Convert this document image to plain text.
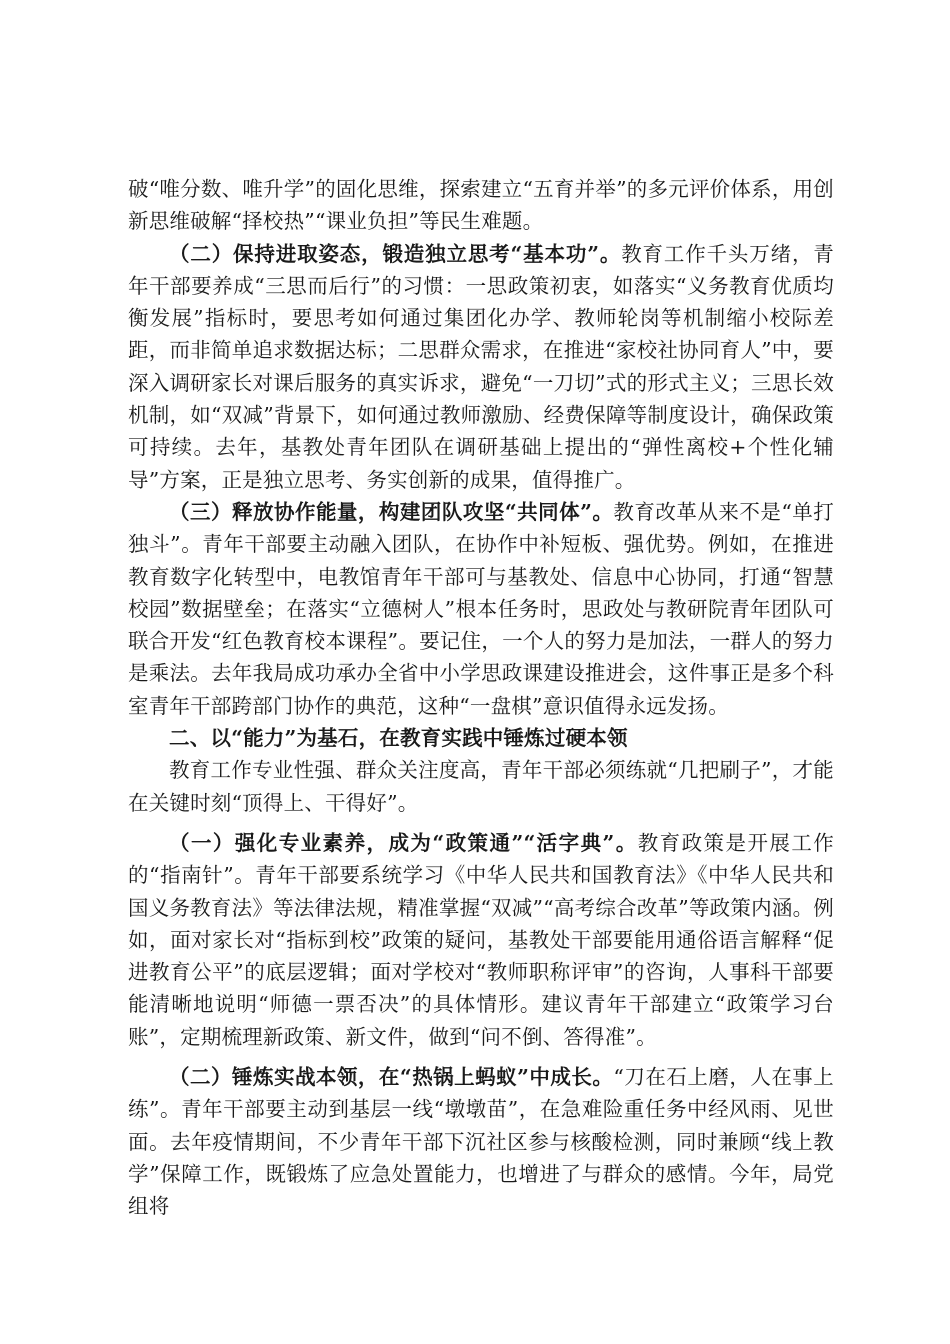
破“唯分数、唯升学”的固化思维，探索建立“五育并举”的多元评价体系，用创新思维破解“择校热”“课业负担”等民生难题。

（二）保持进取姿态，锻造独立思考“基本功”。教育工作千头万绪，青年干部要养成“三思而后行”的习惯：一思政策初衷，如落实“义务教育优质均衡发展”指标时，要思考如何通过集团化办学、教师轮岗等机制缩小校际差距，而非简单追求数据达标；二思群众需求，在推进“家校社协同育人”中，要深入调研家长对课后服务的真实诉求，避免“一刀切”式的形式主义；三思长效机制，如“双减”背景下，如何通过教师激励、经费保障等制度设计，确保政策可持续。去年，基教处青年团队在调研基础上提出的“弹性离校+个性化辅导”方案，正是独立思考、务实创新的成果，值得推广。

（三）释放协作能量，构建团队攻坚“共同体”。教育改革从来不是“单打独斗”。青年干部要主动融入团队，在协作中补短板、强优势。例如，在推进教育数字化转型中，电教馆青年干部可与基教处、信息中心协同，打通“智慧校园”数据壁垒；在落实“立德树人”根本任务时，思政处与教研院青年团队可联合开发“红色教育校本课程”。要记住，一个人的努力是加法，一群人的努力是乘法。去年我局成功承办全省中小学思政课建设推进会，这件事正是多个科室青年干部跨部门协作的典范，这种“一盘棋”意识值得永远发扬。

二、以“能力”为基石，在教育实践中锤炼过硬本领

教育工作专业性强、群众关注度高，青年干部必须练就“几把刷子”，才能在关键时刻“顶得上、干得好”。

（一）强化专业素养，成为“政策通”“活字典”。教育政策是开展工作的“指南针”。青年干部要系统学习《中华人民共和国教育法》《中华人民共和国义务教育法》等法律法规，精准掌握“双减”“高考综合改革”等政策内涵。例如，面对家长对“指标到校”政策的疑问，基教处干部要能用通俗语言解释“促进教育公平”的底层逻辑；面对学校对“教师职称评审”的咨询，人事科干部要能清晰地说明“师德一票否决”的具体情形。建议青年干部建立“政策学习台账”，定期梳理新政策、新文件，做到“问不倒、答得准”。

（二）锤炼实战本领，在“热锅上蚂蚁”中成长。“刀在石上磨，人在事上练”。青年干部要主动到基层一线“墩墩苗”，在急难险重任务中经风雨、见世面。去年疫情期间，不少青年干部下沉社区参与核酸检测，同时兼顾“线上教学”保障工作，既锻炼了应急处置能力，也增进了与群众的感情。今年，局党组将
